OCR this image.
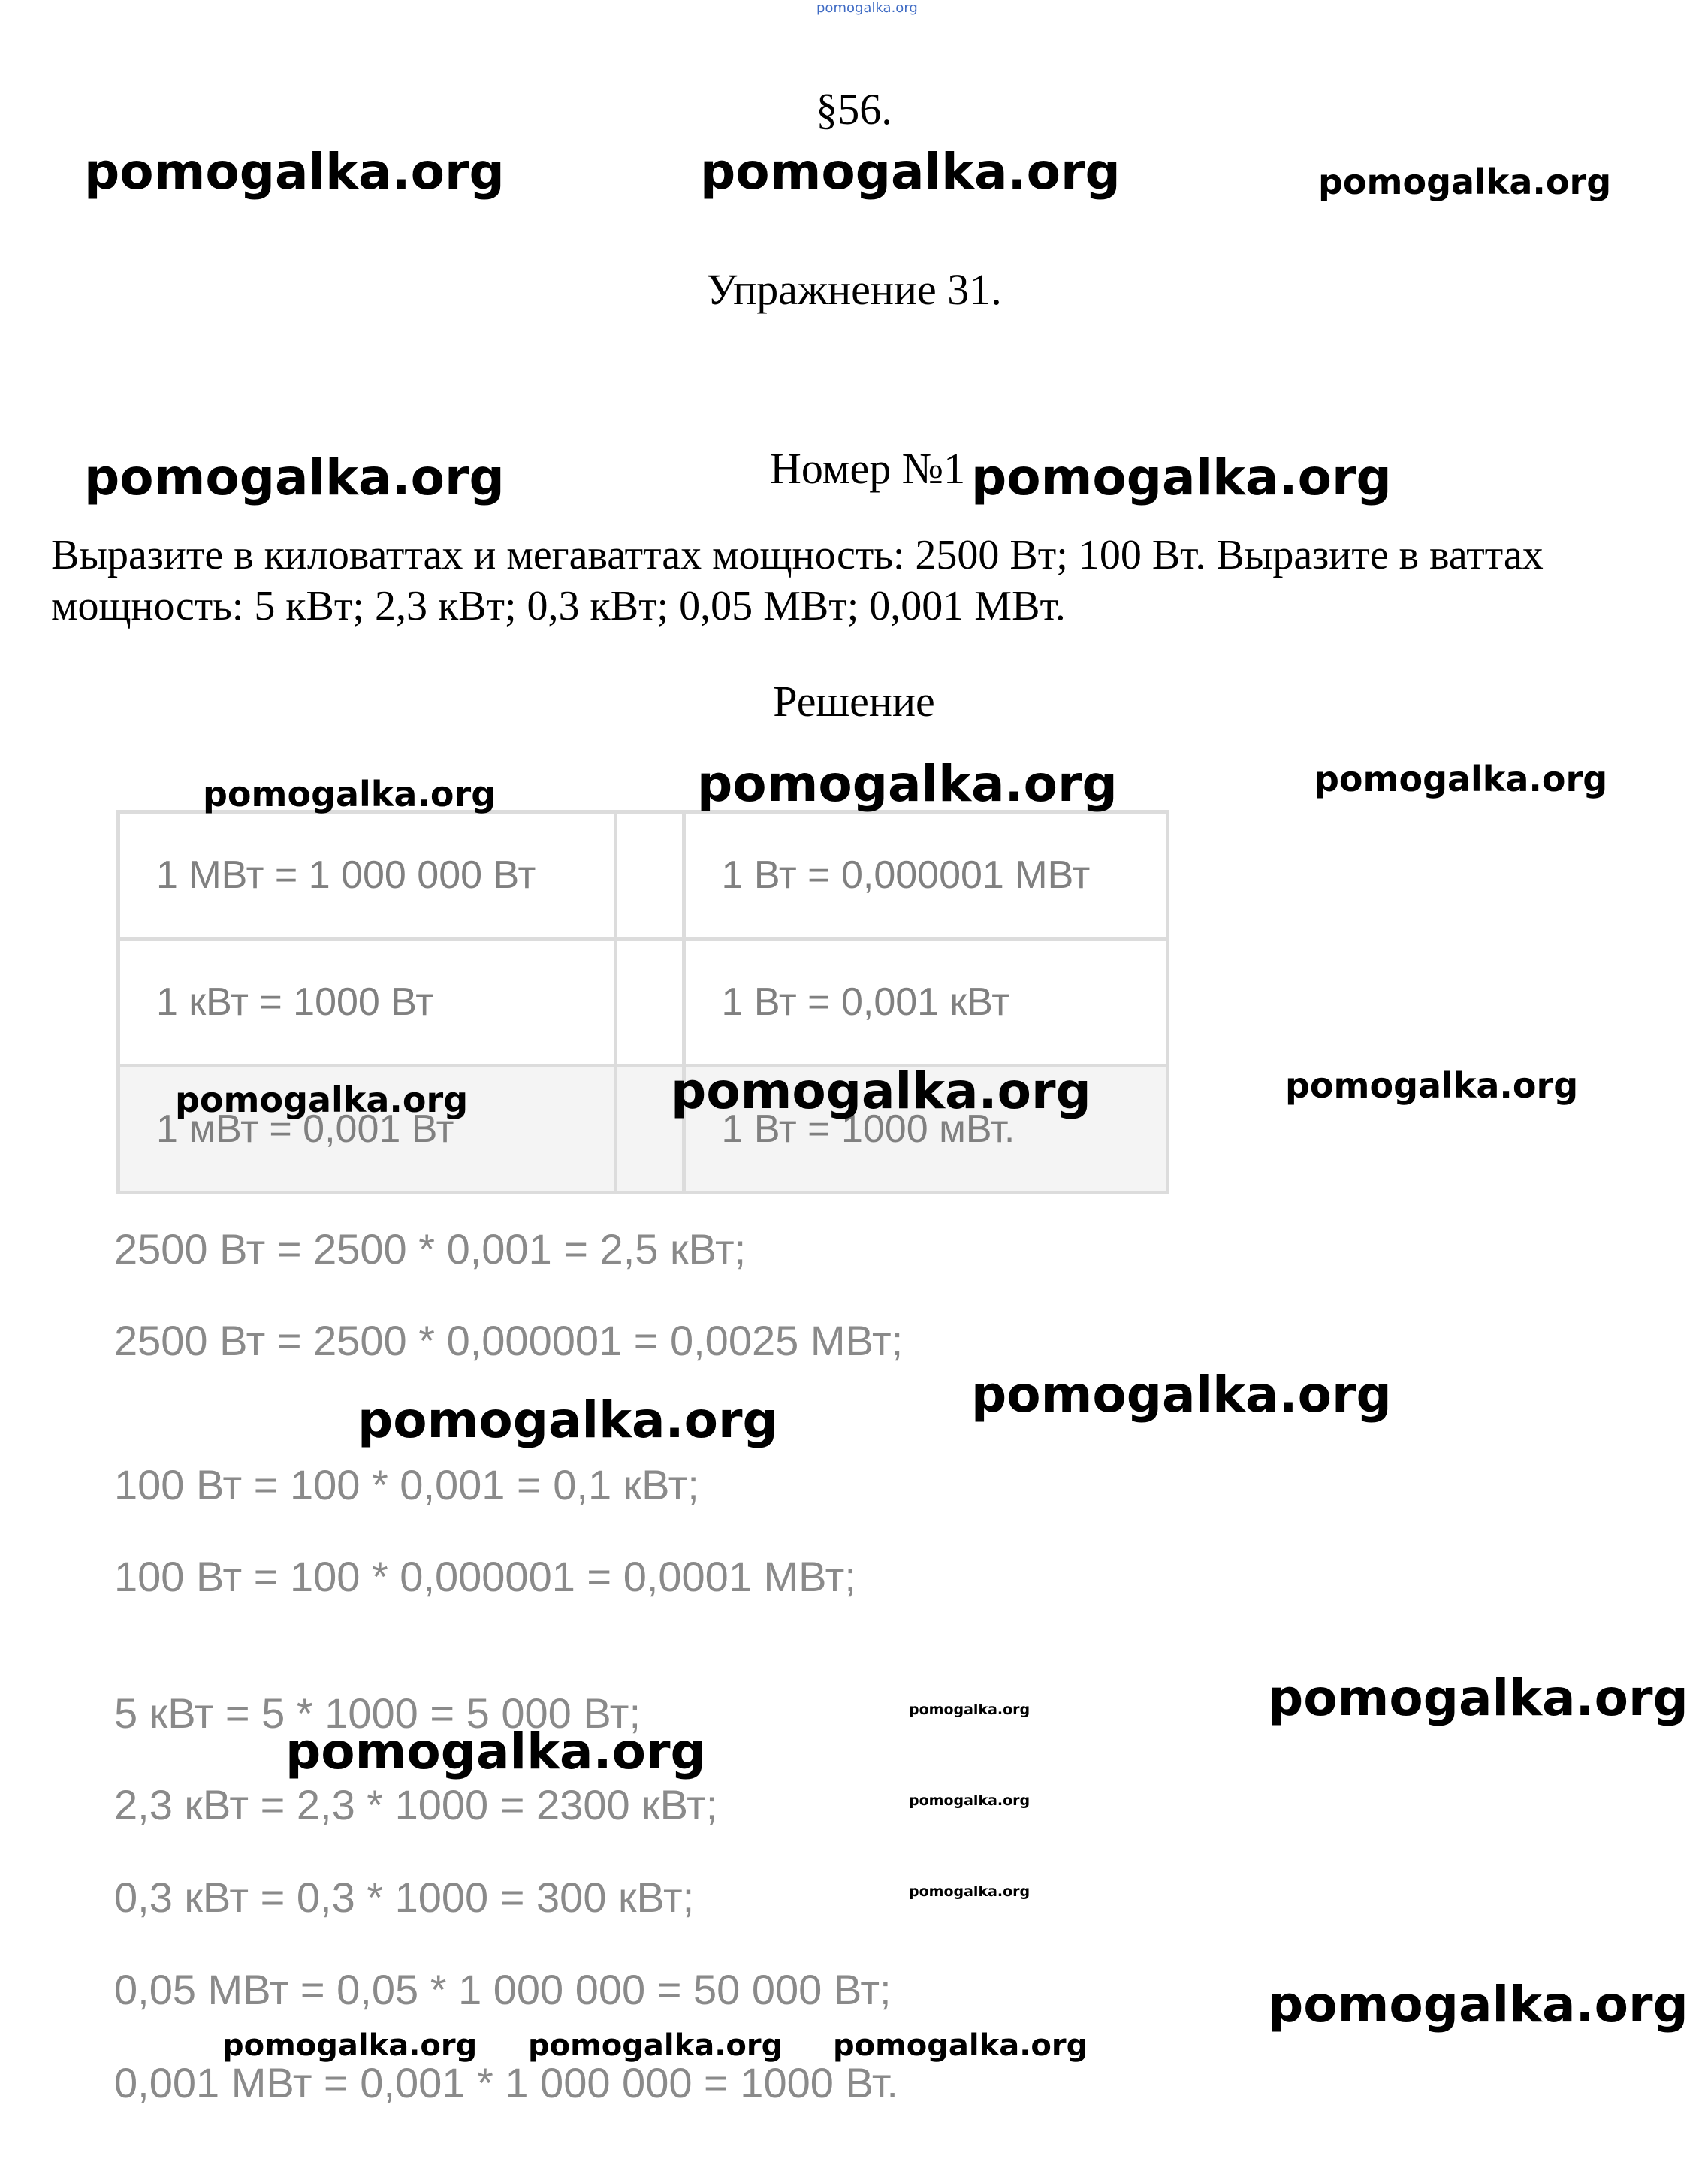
pomogalka.org
§56.
Упражнение 31.
Номер №1
Выразите в киловаттах и мегаваттах мощность: 2500 Вт; 100 Вт. Выразите в ваттах мощность: 5 кВт; 2,3 кВт; 0,3 кВт; 0,05 МВт; 0,001 МВт.
Решение
1 МВт = 1 000 000 Вт		1 Вт = 0,000001 МВт
1 кВт = 1000 Вт		1 Вт = 0,001 кВт
1 мВт = 0,001 Вт		1 Вт = 1000 мВт.
2500 Вт = 2500 * 0,001 = 2,5 кВт;
2500 Вт = 2500 * 0,000001 = 0,0025 МВт;
100 Вт = 100 * 0,001 = 0,1 кВт;
100 Вт = 100 * 0,000001 = 0,0001 МВт;
5 кВт = 5 * 1000 = 5 000 Вт;
2,3 кВт = 2,3 * 1000 = 2300 кВт;
0,3 кВт = 0,3 * 1000 = 300 кВт;
0,05 МВт = 0,05 * 1 000 000 = 50 000 Вт;
0,001 МВт = 0,001 * 1 000 000 = 1000 Вт.
pomogalka.org	pomogalka.org	pomogalka.org
pomogalka.org	pomogalka.org
pomogalka.org	pomogalka.org	pomogalka.org
pomogalka.org	pomogalka.org	pomogalka.org
pomogalka.org
pomogalka.org
pomogalka.org
pomogalka.org
pomogalka.org
pomogalka.org
pomogalka.org
pomogalka.org
pomogalka.org pomogalka.org pomogalka.org
